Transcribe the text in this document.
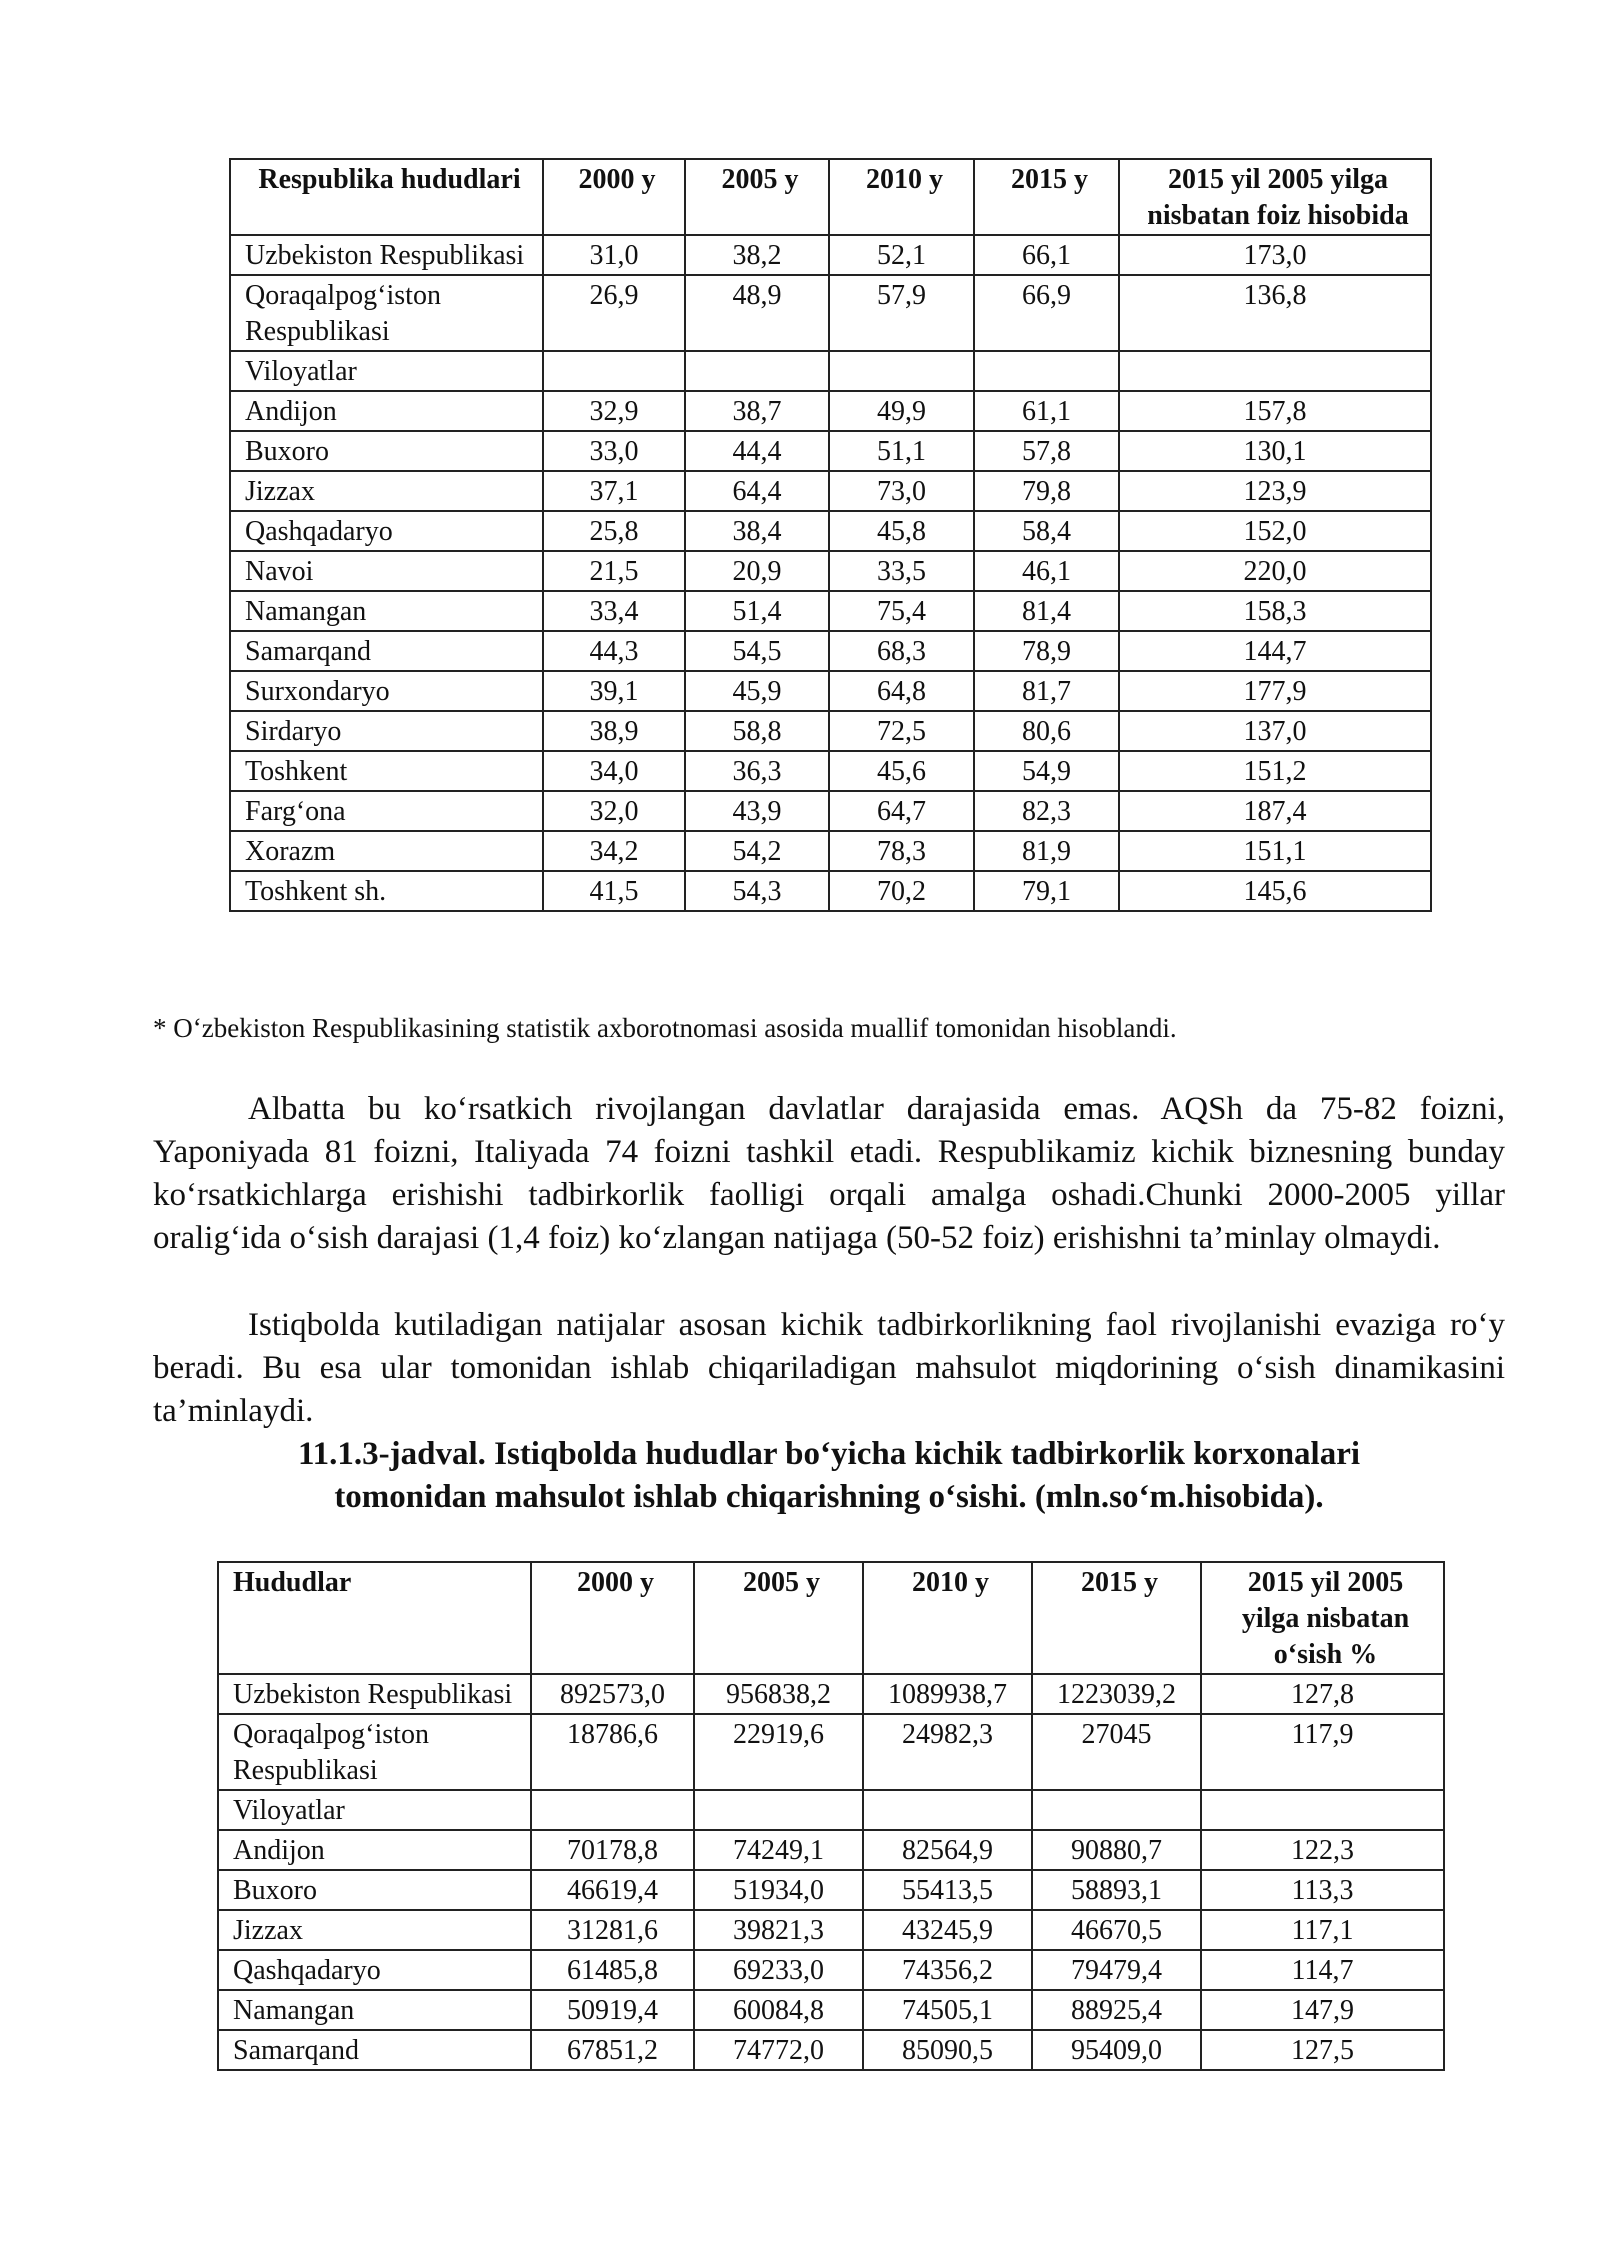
Respublika hududlari	2000 y	2005 y	2010 y	2015 y	2015 yil 2005 yilga nisbatan foiz hisobida
Uzbekiston Respublikasi	31,0	38,2	52,1	66,1	173,0
Qoraqalpog‘iston Respublikasi	26,9	48,9	57,9	66,9	136,8
Viloyatlar					
Andijon	32,9	38,7	49,9	61,1	157,8
Buxoro	33,0	44,4	51,1	57,8	130,1
Jizzax	37,1	64,4	73,0	79,8	123,9
Qashqadaryo	25,8	38,4	45,8	58,4	152,0
Navoi	21,5	20,9	33,5	46,1	220,0
Namangan	33,4	51,4	75,4	81,4	158,3
Samarqand	44,3	54,5	68,3	78,9	144,7
Surxondaryo	39,1	45,9	64,8	81,7	177,9
Sirdaryo	38,9	58,8	72,5	80,6	137,0
Toshkent	34,0	36,3	45,6	54,9	151,2
Farg‘ona	32,0	43,9	64,7	82,3	187,4
Xorazm	34,2	54,2	78,3	81,9	151,1
Toshkent sh.	41,5	54,3	70,2	79,1	145,6

* O‘zbekiston Respublikasining statistik axborotnomasi asosida muallif tomonidan hisoblandi.

Albatta bu ko‘rsatkich rivojlangan davlatlar darajasida emas. AQSh da 75-82 foizni, Yaponiyada 81 foizni, Italiyada 74 foizni tashkil etadi. Respublikamiz kichik biznesning bunday ko‘rsatkichlarga erishishi tadbirkorlik faolligi orqali amalga oshadi.Chunki 2000-2005 yillar oralig‘ida o‘sish darajasi (1,4 foiz) ko‘zlangan natijaga (50-52 foiz) erishishni ta’minlay olmaydi.

Istiqbolda kutiladigan natijalar asosan kichik tadbirkorlikning faol rivojlanishi evaziga ro‘y beradi. Bu esa ular tomonidan ishlab chiqariladigan mahsulot miqdorining o‘sish dinamikasini ta’minlaydi.

11.1.3-jadval. Istiqbolda hududlar bo‘yicha kichik tadbirkorlik korxonalari
tomonidan mahsulot ishlab chiqarishning o‘sishi. (mln.so‘m.hisobida).
Hududlar	2000 y	2005 y	2010 y	2015 y	2015 yil 2005 yilga nisbatan o‘sish %
Uzbekiston Respublikasi	892573,0	956838,2	1089938,7	1223039,2	127,8
Qoraqalpog‘iston Respublikasi	18786,6	22919,6	24982,3	27045	117,9
Viloyatlar					
Andijon	70178,8	74249,1	82564,9	90880,7	122,3
Buxoro	46619,4	51934,0	55413,5	58893,1	113,3
Jizzax	31281,6	39821,3	43245,9	46670,5	117,1
Qashqadaryo	61485,8	69233,0	74356,2	79479,4	114,7
Namangan	50919,4	60084,8	74505,1	88925,4	147,9
Samarqand	67851,2	74772,0	85090,5	95409,0	127,5
